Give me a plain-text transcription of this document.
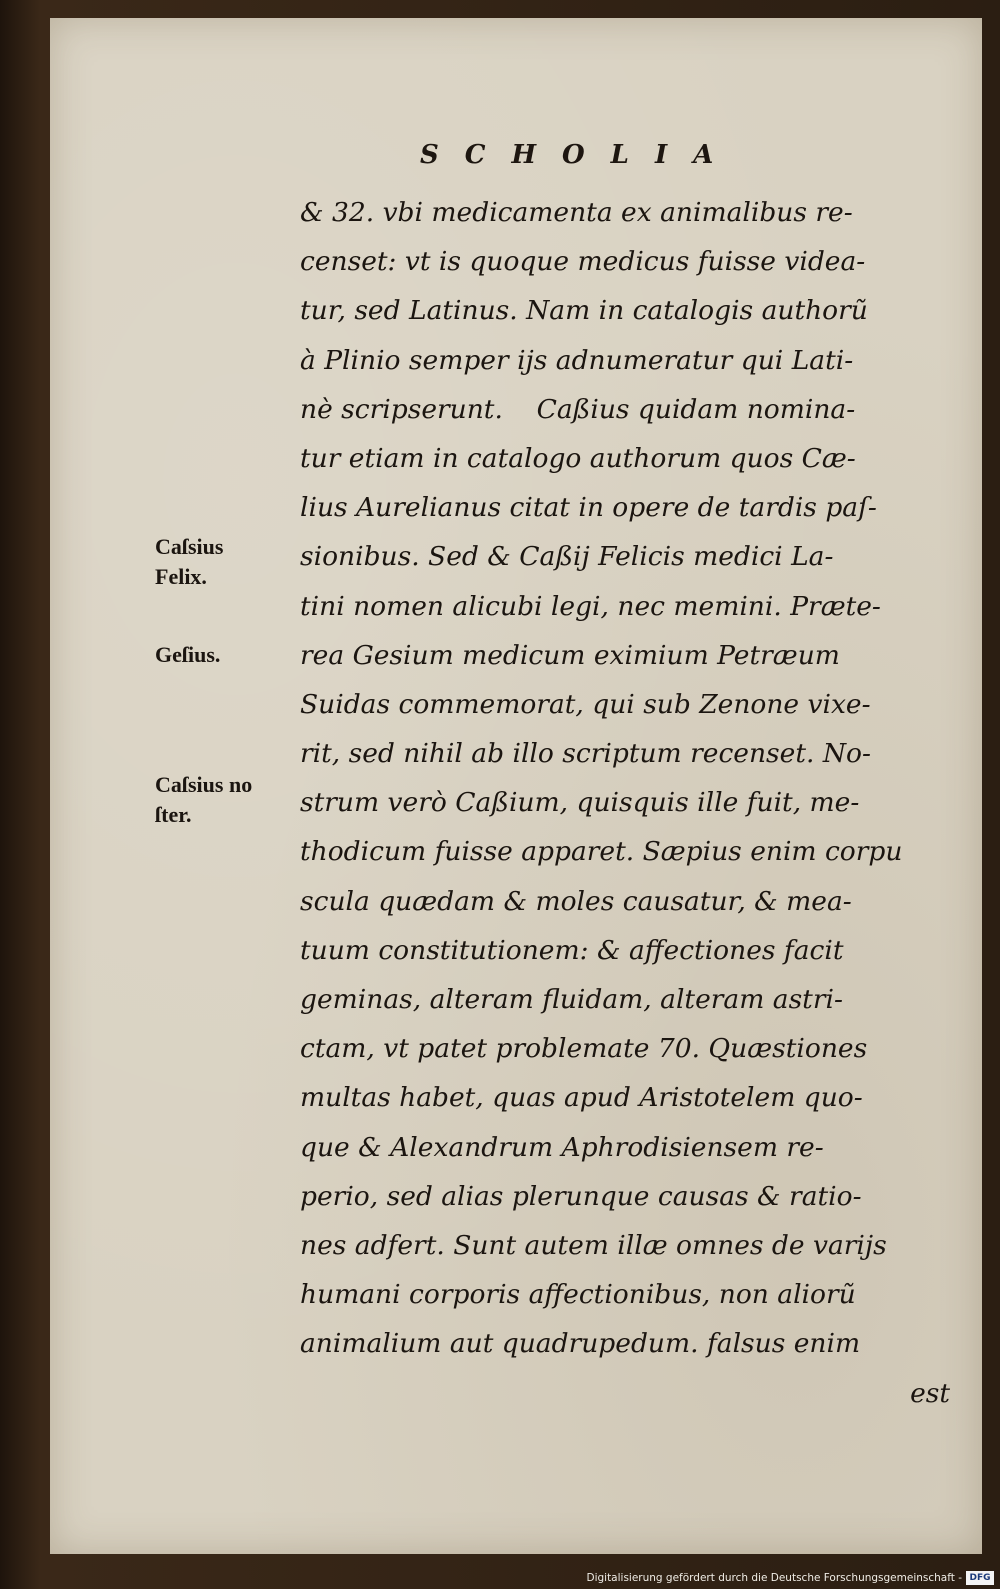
SCHOLIA
& 32. vbi medicamenta ex animalibus re-
censet: vt is quoque medicus fuisse videa-
tur, sed Latinus. Nam in catalogis authorũ
à Plinio semper ijs adnumeratur qui Lati-
nè scripserunt.    Caßius quidam nomina-
tur etiam in catalogo authorum quos Cæ-
lius Aurelianus citat in opere de tardis paſ-
sionibus. Sed & Caßij Felicis medici La-
tini nomen alicubi legi, nec memini. Præte-
rea Gesium medicum eximium Petræum
Suidas commemorat, qui sub Zenone vixe-
rit, sed nihil ab illo scriptum recenset. No-
strum verò Caßium, quisquis ille fuit, me-
thodicum fuisse apparet. Sæpius enim corpu
scula quædam & moles causatur, & mea-
tuum constitutionem: & affectiones facit
geminas, alteram fluidam, alteram astri-
ctam, vt patet problemate 70. Quæstiones
multas habet, quas apud Aristotelem quo-
que & Alexandrum Aphrodisiensem re-
perio, sed alias plerunque causas & ratio-
nes adfert. Sunt autem illæ omnes de varijs
humani corporis affectionibus, non aliorũ
animalium aut quadrupedum. falsus enim
est
Caſsius
Felix.
Geſius.
Caſsius no
ſter.
Digitalisierung gefördert durch die Deutsche Forschungsgemeinschaft - DFG
